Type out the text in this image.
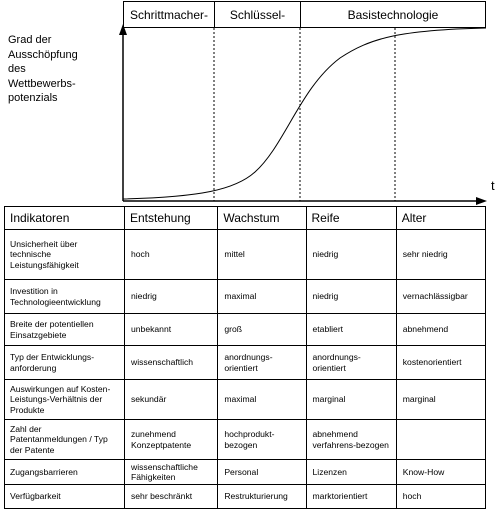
Grad der
Ausschöpfung
des
Wettbewerbs-
potenzials
Schrittmacher-	Schlüssel-	Basistechnologie
t
Indikatoren	Entstehung	Wachstum	Reife	Alter
Unsicherheit über technische Leistungsfähigkeit	hoch	mittel	niedrig	sehr niedrig
Investition in Technologieentwicklung	niedrig	maximal	niedrig	vernachlässigbar
Breite der potentiellen Einsatzgebiete	unbekannt	groß	etabliert	abnehmend
Typ der Entwicklungs-anforderung	wissenschaftlich	anordnungs-orientiert	anordnungs-orientiert	kostenorientiert
Auswirkungen auf Kosten- Leistungs-Verhältnis der Produkte	sekundär	maximal	marginal	marginal
Zahl der Patentanmeldungen / Typ der Patente	zunehmend Konzeptpatente	hochprodukt-bezogen	abnehmend verfahrens-bezogen	
Zugangsbarrieren	wissenschaftliche Fähigkeiten	Personal	Lizenzen	Know-How
Verfügbarkeit	sehr beschränkt	Restrukturierung	marktorientiert	hoch
